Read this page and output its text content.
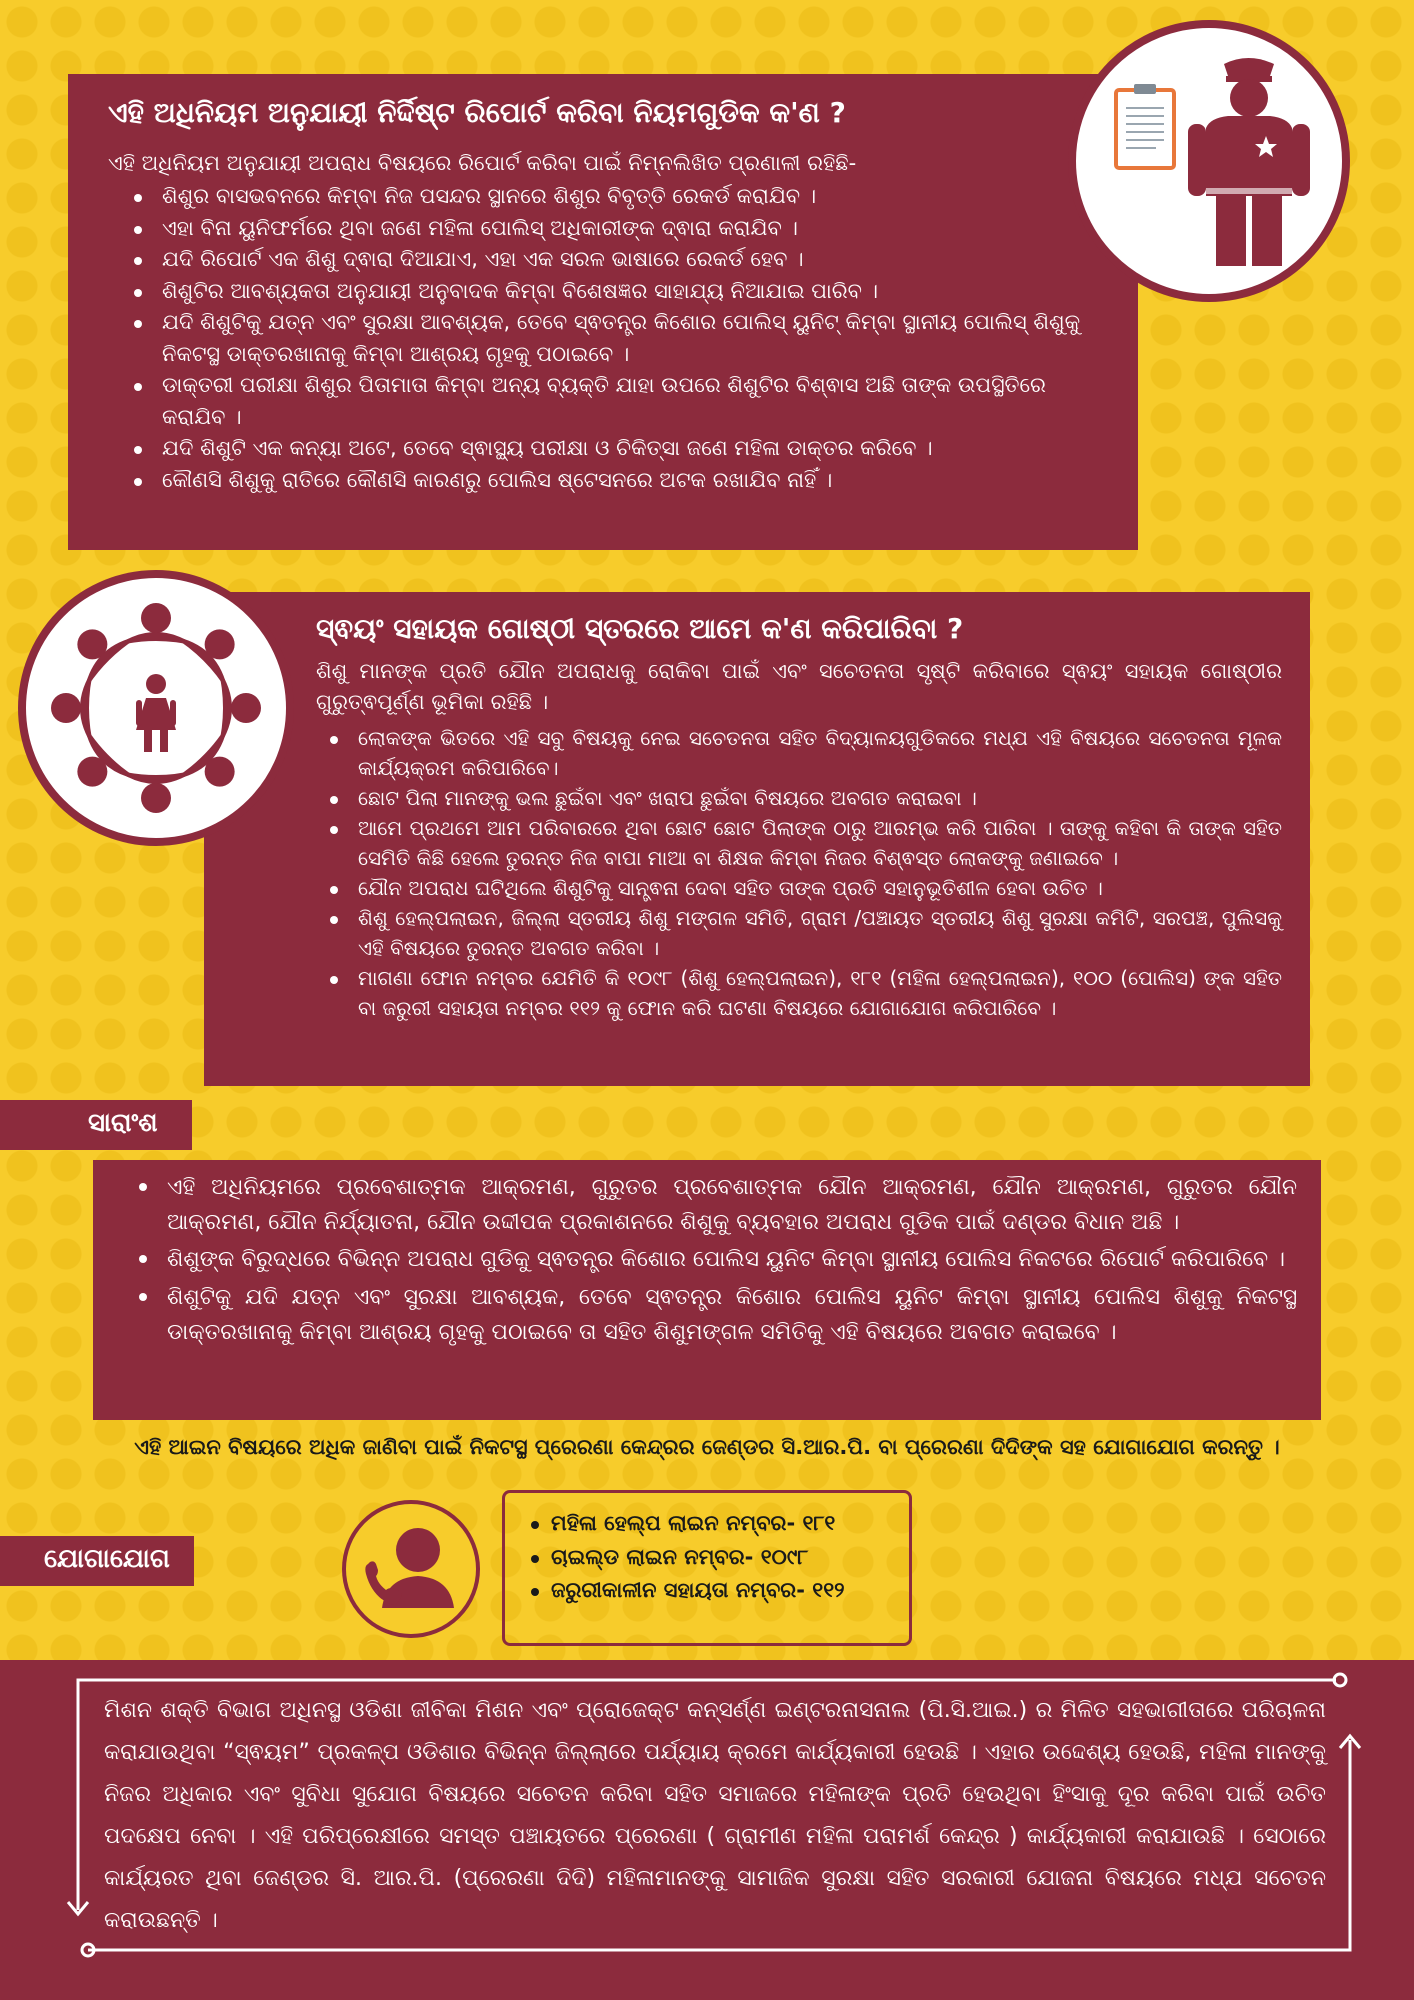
ଏହି ଅଧିନିୟମ ଅନୁଯାୟୀ ନିର୍ଦ୍ଦିଷ୍ଟ ରିପୋର୍ଟ କରିବା ନିୟମଗୁଡିକ କ'ଣ ?

ଏହି ଅଧିନିୟମ ଅନୁଯାୟୀ ଅପରାଧ ବିଷୟରେ ରିପୋର୍ଟ କରିବା ପାଇଁ ନିମ୍ନଲିଖିତ ପ୍ରଣାଳୀ ରହିଛି-

ଶିଶୁର ବାସଭବନରେ କିମ୍ବା ନିଜ ପସନ୍ଦର ସ୍ଥାନରେ ଶିଶୁର ବିବୃତ୍ତି ରେକର୍ଡ କରାଯିବ ।
ଏହା ବିନା ୟୁନିଫର୍ମରେ ଥିବା ଜଣେ ମହିଳା ପୋଲିସ୍ ଅଧିକାରୀଙ୍କ ଦ୍ଵାରା କରାଯିବ ।
ଯଦି ରିପୋର୍ଟ ଏକ ଶିଶୁ ଦ୍ଵାରା ଦିଆଯାଏ, ଏହା ଏକ ସରଳ ଭାଷାରେ ରେକର୍ଡ ହେବ ।
ଶିଶୁଟିର ଆବଶ୍ୟକତା ଅନୁଯାୟୀ ଅନୁବାଦକ କିମ୍ବା ବିଶେଷଜ୍ଞର ସାହାଯ୍ୟ ନିଆଯାଇ ପାରିବ ।
ଯଦି ଶିଶୁଟିକୁ ଯତ୍ନ ଏବଂ ସୁରକ୍ଷା ଆବଶ୍ୟକ, ତେବେ ସ୍ଵତନ୍ତ୍ର କିଶୋର ପୋଲିସ୍ ୟୁନିଟ୍ କିମ୍ବା ସ୍ଥାନୀୟ ପୋଲିସ୍ ଶିଶୁକୁ ନିକଟସ୍ଥ ଡାକ୍ତରଖାନାକୁ କିମ୍ବା ଆଶ୍ରୟ ଗୃହକୁ ପଠାଇବେ ।
ଡାକ୍ତରୀ ପରୀକ୍ଷା ଶିଶୁର ପିତାମାତା କିମ୍ବା ଅନ୍ୟ ବ୍ୟକ୍ତି ଯାହା ଉପରେ ଶିଶୁଟିର ବିଶ୍ଵାସ ଅଛି ତାଙ୍କ ଉପସ୍ଥିତିରେ କରାଯିବ ।
ଯଦି ଶିଶୁଟି ଏକ କନ୍ୟା ଅଟେ, ତେବେ ସ୍ଵାସ୍ଥ୍ୟ ପରୀକ୍ଷା ଓ ଚିକିତ୍ସା ଜଣେ ମହିଳା ଡାକ୍ତର କରିବେ ।
କୌଣସି ଶିଶୁକୁ ରାତିରେ କୌଣସି କାରଣରୁ ପୋଲିସ ଷ୍ଟେସନରେ ଅଟକ ରଖାଯିବ ନାହିଁ ।
ସ୍ଵୟଂ ସହାୟକ ଗୋଷ୍ଠୀ ସ୍ତରରେ ଆମେ କ'ଣ କରିପାରିବା ?

ଶିଶୁ ମାନଙ୍କ ପ୍ରତି ଯୌନ ଅପରାଧକୁ ରୋକିବା ପାଇଁ ଏବଂ ସଚେତନତା ସୃଷ୍ଟି କରିବାରେ ସ୍ଵୟଂ ସହାୟକ ଗୋଷ୍ଠୀର ଗୁରୁତ୍ଵପୂର୍ଣ୍ଣ ଭୂମିକା ରହିଛି ।

ଲୋକଙ୍କ ଭିତରେ ଏହି ସବୁ ବିଷୟକୁ ନେଇ ସଚେତନତା ସହିତ ବିଦ୍ୟାଳୟଗୁଡିକରେ ମଧ୍ଯ ଏହି ବିଷୟରେ ସଚେତନତା ମୂଳକ କାର୍ଯ୍ୟକ୍ରମ କରିପାରିବେ।
ଛୋଟ ପିଲା ମାନଙ୍କୁ ଭଲ ଛୁଇଁବା ଏବଂ ଖରାପ ଛୁଇଁବା ବିଷୟରେ ଅବଗତ କରାଇବା ।
ଆମେ ପ୍ରଥମେ ଆମ ପରିବାରରେ ଥିବା ଛୋଟ ଛୋଟ ପିଲାଙ୍କ ଠାରୁ ଆରମ୍ଭ କରି ପାରିବା । ତାଙ୍କୁ କହିବା କି ତାଙ୍କ ସହିତ ସେମିତି କିଛି ହେଲେ ତୁରନ୍ତ ନିଜ ବାପା ମାଆ ବା ଶିକ୍ଷକ କିମ୍ବା ନିଜର ବିଶ୍ଵସ୍ତ ଲୋକଙ୍କୁ ଜଣାଇବେ ।
ଯୌନ ଅପରାଧ ଘଟିଥିଲେ ଶିଶୁଟିକୁ ସାନ୍ତ୍ଵନା ଦେବା ସହିତ ତାଙ୍କ ପ୍ରତି ସହାନୁଭୂତିଶୀଳ ହେବା ଉଚିତ ।
ଶିଶୁ ହେଲ୍ପଲାଇନ, ଜିଲ୍ଲା ସ୍ତରୀୟ ଶିଶୁ ମଙ୍ଗଳ ସମିତି, ଗ୍ରାମ /ପଞ୍ଚାୟତ ସ୍ତରୀୟ ଶିଶୁ ସୁରକ୍ଷା କମିଟି, ସରପଞ୍ଚ, ପୁଲିସକୁ ଏହି ବିଷୟରେ ତୁରନ୍ତ ଅବଗତ କରିବା ।
ମାଗଣା ଫୋନ ନମ୍ବର ଯେମିତି କି ୧୦୯୮ (ଶିଶୁ ହେଲ୍ପଲାଇନ), ୧୮୧ (ମହିଳା ହେଲ୍ପଲାଇନ), ୧୦୦ (ପୋଲିସ) ଙ୍କ ସହିତ ବା ଜରୁରୀ ସହାୟତା ନମ୍ବର ୧୧୨ କୁ ଫୋନ କରି ଘଟଣା ବିଷୟରେ ଯୋଗାଯୋଗ କରିପାରିବେ ।
ସାରାଂଶ
ଏହି ଅଧିନିୟମରେ ପ୍ରବେଶାତ୍ମକ ଆକ୍ରମଣ, ଗୁରୁତର ପ୍ରବେଶାତ୍ମକ ଯୌନ ଆକ୍ରମଣ, ଯୌନ ଆକ୍ରମଣ, ଗୁରୁତର ଯୌନ ଆକ୍ରମଣ, ଯୌନ ନିର୍ଯ୍ୟାତନା, ଯୌନ ଉଦ୍ଦୀପକ ପ୍ରକାଶନରେ ଶିଶୁକୁ ବ୍ୟବହାର ଅପରାଧ ଗୁଡିକ ପାଇଁ ଦଣ୍ଡର ବିଧାନ ଅଛି ।
ଶିଶୁଙ୍କ ବିରୁଦ୍ଧରେ ବିଭିନ୍ନ ଅପରାଧ ଗୁଡିକୁ ସ୍ଵତନ୍ତ୍ର କିଶୋର ପୋଲିସ ୟୁନିଟ କିମ୍ବା ସ୍ଥାନୀୟ ପୋଲିସ ନିକଟରେ ରିପୋର୍ଟ କରିପାରିବେ ।
ଶିଶୁଟିକୁ ଯଦି ଯତ୍ନ ଏବଂ ସୁରକ୍ଷା ଆବଶ୍ୟକ, ତେବେ ସ୍ଵତନ୍ତ୍ର କିଶୋର ପୋଲିସ ୟୁନିଟ କିମ୍ବା ସ୍ଥାନୀୟ ପୋଲିସ ଶିଶୁକୁ ନିକଟସ୍ଥ ଡାକ୍ତରଖାନାକୁ କିମ୍ବା ଆଶ୍ରୟ ଗୃହକୁ ପଠାଇବେ ତା ସହିତ ଶିଶୁମଙ୍ଗଳ ସମିତିକୁ ଏହି ବିଷୟରେ ଅବଗତ କରାଇବେ ।
ଏହି ଆଇନ ବିଷୟରେ ଅଧିକ ଜାଣିବା ପାଇଁ ନିକଟସ୍ଥ ପ୍ରେରଣା କେନ୍ଦ୍ରର ଜେଣ୍ଡର ସି.ଆର.ପି. ବା ପ୍ରେରଣା ଦିଦିଙ୍କ ସହ ଯୋଗାଯୋଗ କରନ୍ତୁ ।
ଯୋଗାଯୋଗ
ମହିଳା ହେଲ୍ପ ଲାଇନ ନମ୍ବର- ୧୮୧
ଚାଇଲ୍ଡ ଲାଇନ ନମ୍ବର- ୧୦୯୮
ଜରୁରୀକାଳୀନ ସହାୟତା ନମ୍ବର- ୧୧୨
ମିଶନ ଶକ୍ତି ବିଭାଗ ଅଧିନସ୍ଥ ଓଡିଶା ଜୀବିକା ମିଶନ ଏବଂ ପ୍ରୋଜେକ୍ଟ କନ୍ସର୍ଣ୍ଣ ଇଣ୍ଟରନାସନାଲ (ପି.ସି.ଆଇ.) ର ମିଳିତ ସହଭାଗୀତାରେ ପରିଚାଳନା କରାଯାଉଥିବା “ସ୍ଵୟମ” ପ୍ରକଳ୍ପ ଓଡିଶାର ବିଭିନ୍ନ ଜିଲ୍ଲାରେ ପର୍ଯ୍ୟାୟ କ୍ରମେ କାର୍ଯ୍ୟକାରୀ ହେଉଛି । ଏହାର ଉଦ୍ଦେଶ୍ୟ ହେଉଛି, ମହିଳା ମାନଙ୍କୁ ନିଜର ଅଧିକାର ଏବଂ ସୁବିଧା ସୁଯୋଗ ବିଷୟରେ ସଚେତନ କରିବା ସହିତ ସମାଜରେ ମହିଳାଙ୍କ ପ୍ରତି ହେଉଥିବା ହିଂସାକୁ ଦୂର କରିବା ପାଇଁ ଉଚିତ ପଦକ୍ଷେପ ନେବା । ଏହି ପରିପ୍ରେକ୍ଷୀରେ ସମସ୍ତ ପଞ୍ଚାୟତରେ ପ୍ରେରଣା ( ଗ୍ରାମୀଣ ମହିଳା ପରାମର୍ଶ କେନ୍ଦ୍ର ) କାର୍ଯ୍ୟକାରୀ କରାଯାଉଛି । ସେଠାରେ କାର୍ଯ୍ୟରତ ଥିବା ଜେଣ୍ଡର ସି. ଆର.ପି. (ପ୍ରେରଣା ଦିଦି) ମହିଳାମାନଙ୍କୁ ସାମାଜିକ ସୁରକ୍ଷା ସହିତ ସରକାରୀ ଯୋଜନା ବିଷୟରେ ମଧ୍ଯ ସଚେତନ କରାଉଛନ୍ତି ।
